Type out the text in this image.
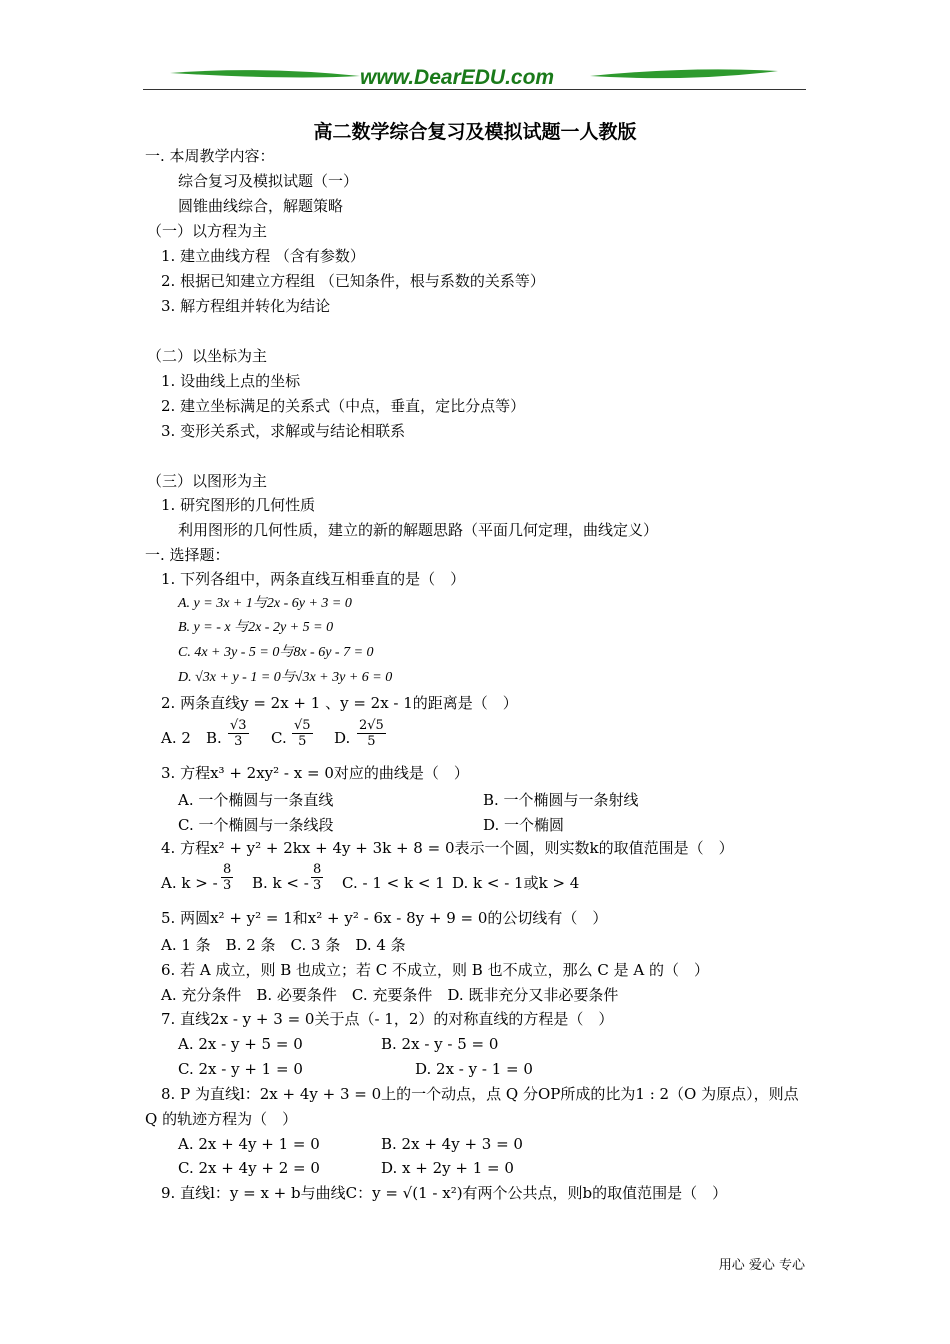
www.DearEDU.com
高二数学综合复习及模拟试题一人教版
一. 本周教学内容：
综合复习及模拟试题（一）
圆锥曲线综合，解题策略
（一）以方程为主
1. 建立曲线方程 （含有参数）
2. 根据已知建立方程组 （已知条件，根与系数的关系等）
3. 解方程组并转化为结论
（二）以坐标为主
1. 设曲线上点的坐标
2. 建立坐标满足的关系式（中点，垂直，定比分点等）
3. 变形关系式，求解或与结论相联系
（三）以图形为主
1. 研究图形的几何性质
利用图形的几何性质，建立的新的解题思路（平面几何定理，曲线定义）
一. 选择题：
1. 下列各组中，两条直线互相垂直的是（　）
A. y = 3x + 1与2x - 6y + 3 = 0
B. y = - x 与2x - 2y + 5 = 0
C. 4x + 3y - 5 = 0与8x - 6y - 7 = 0
D. √3x + y - 1 = 0与√3x + 3y + 6 = 0
2. 两条直线y = 2x + 1 、y = 2x - 1的距离是（　）
A. 2 B. $\frac{√3}{3} C$. $\frac{√5}{5} D$. $\frac{2√5}{5}$
3. 方程x³ + 2xy² - x = 0对应的曲线是（　）
A. 一个椭圆与一条直线	B. 一个椭圆与一条射线
C. 一个椭圆与一条线段	D. 一个椭圆
4. 方程x² + y² + 2kx + 4y + 3k + 8 = 0表示一个圆，则实数k的取值范围是（　）
A. k > - $\frac{8}{3} B$. k < - $\frac{8}{3} C$. - 1 < k < 1 D. k < - 1或k > 4
5. 两圆x² + y² = 1和x² + y² - 6x - 8y + 9 = 0的公切线有（　）
A. 1 条　B. 2 条　C. 3 条　D. 4 条
6. 若 A 成立，则 B 也成立；若 C 不成立，则 B 也不成立，那么 C 是 A 的（　）
A. 充分条件　B. 必要条件　C. 充要条件　D. 既非充分又非必要条件
7. 直线2x - y + 3 = 0关于点（- 1，2）的对称直线的方程是（　）
A. 2x - y + 5 = 0	B. 2x - y - 5 = 0
C. 2x - y + 1 = 0	D. 2x - y - 1 = 0
8. P 为直线l：2x + 4y + 3 = 0上的一个动点，点 Q 分OP所成的比为1 : 2（O 为原点），则点
Q 的轨迹方程为（　）
A. 2x + 4y + 1 = 0	B. 2x + 4y + 3 = 0
C. 2x + 4y + 2 = 0	D. x + 2y + 1 = 0
9. 直线l：y = x + b与曲线C：y = √(1 - x²)有两个公共点，则b的取值范围是（　）
用心 爱心 专心
